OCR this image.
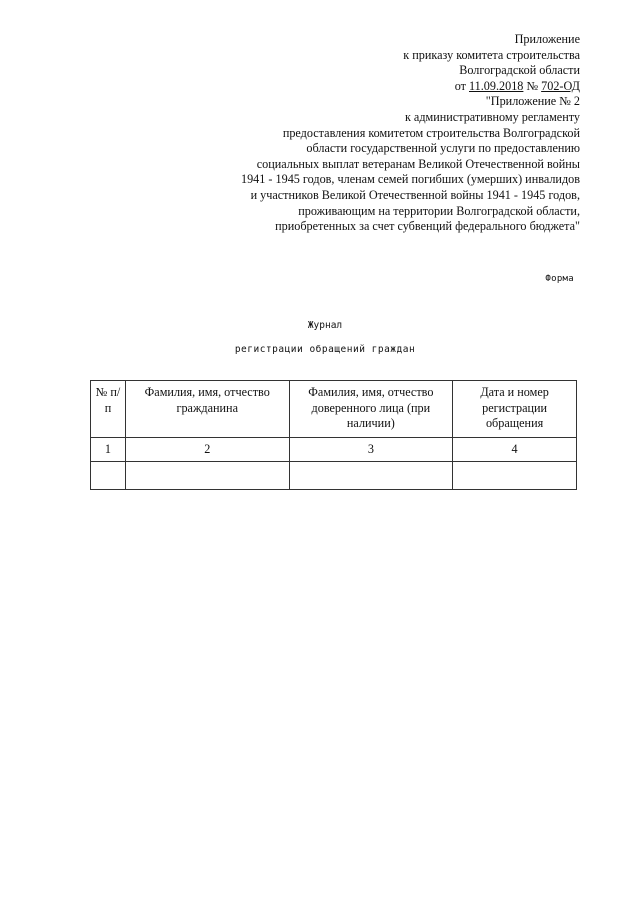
Приложение
к приказу комитета строительства
Волгоградской области
от 11.09.2018 № 702-ОД
"Приложение № 2
к административному регламенту
предоставления комитетом строительства Волгоградской
области государственной услуги по предоставлению
социальных выплат ветеранам Великой Отечественной войны
1941 - 1945 годов, членам семей погибших (умерших) инвалидов
и участников Великой Отечественной войны 1941 - 1945 годов,
проживающим на территории Волгоградской области,
приобретенных за счет субвенций федерального бюджета"
Форма
Журнал
регистрации обращений граждан
№ п/п	Фамилия, имя, отчество гражданина	Фамилия, имя, отчество доверенного лица (при наличии)	Дата и номер регистрации обращения
1	2	3	4
